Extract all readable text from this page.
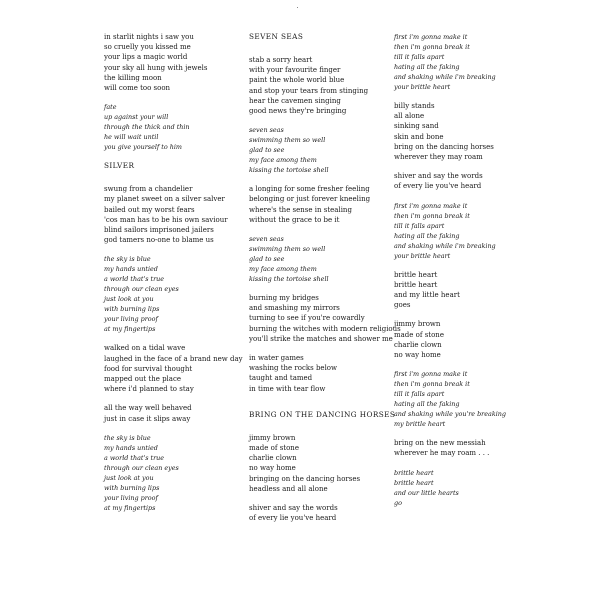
in starlit nights i saw you
so cruelly you kissed me
your lips a magic world
your sky all hung with jewels
the killing moon
will come too soon
fate
up against your will
through the thick and thin
he will wait until
you give yourself to him
SILVER
swung from a chandelier
my planet sweet on a silver salver
bailed out my worst fears
'cos man has to be his own saviour
blind sailors imprisoned jailers
god tamers no-one to blame us
the sky is blue
my hands untied
a world that's true
through our clean eyes
just look at you
with burning lips
your living proof
at my fingertips
walked on a tidal wave
laughed in the face of a brand new day
food for survival thought
mapped out the place
where i'd planned to stay
all the way well behaved
just in case it slips away
the sky is blue
my hands untied
a world that's true
through our clean eyes
just look at you
with burning lips
your living proof
at my fingertips
SEVEN SEAS
stab a sorry heart
with your favourite finger
paint the whole world blue
and stop your tears from stinging
hear the cavemen singing
good news they're bringing
seven seas
swimming them so well
glad to see
my face among them
kissing the tortoise shell
a longing for some fresher feeling
belonging or just forever kneeling
where's the sense in stealing
without the grace to be it
seven seas
swimming them so well
glad to see
my face among them
kissing the tortoise shell
burning my bridges
and smashing my mirrors
turning to see if you're cowardly
burning the witches with modern religious
you'll strike the matches and shower me
in water games
washing the rocks below
taught and tamed
in time with tear flow
BRING ON THE DANCING HORSES
jimmy brown
made of stone
charlie clown
no way home
bringing on the dancing horses
headless and all alone
shiver and say the words
of every lie you've heard
first i'm gonna make it
then i'm gonna break it
till it falls apart
hating all the faking
and shaking while i'm breaking
your brittle heart
billy stands
all alone
sinking sand
skin and bone
bring on the dancing horses
wherever they may roam
shiver and say the words
of every lie you've heard
first i'm gonna make it
then i'm gonna break it
till it falls apart
hating all the faking
and shaking while i'm breaking
your brittle heart
brittle heart
brittle heart
and my little heart
goes
jimmy brown
made of stone
charlie clown
no way home
first i'm gonna make it
then i'm gonna break it
till it falls apart
hating all the faking
and shaking while you're breaking
my brittle heart
bring on the new messiah
wherever he may roam . . .
brittle heart
brittle heart
and our little hearts
go
